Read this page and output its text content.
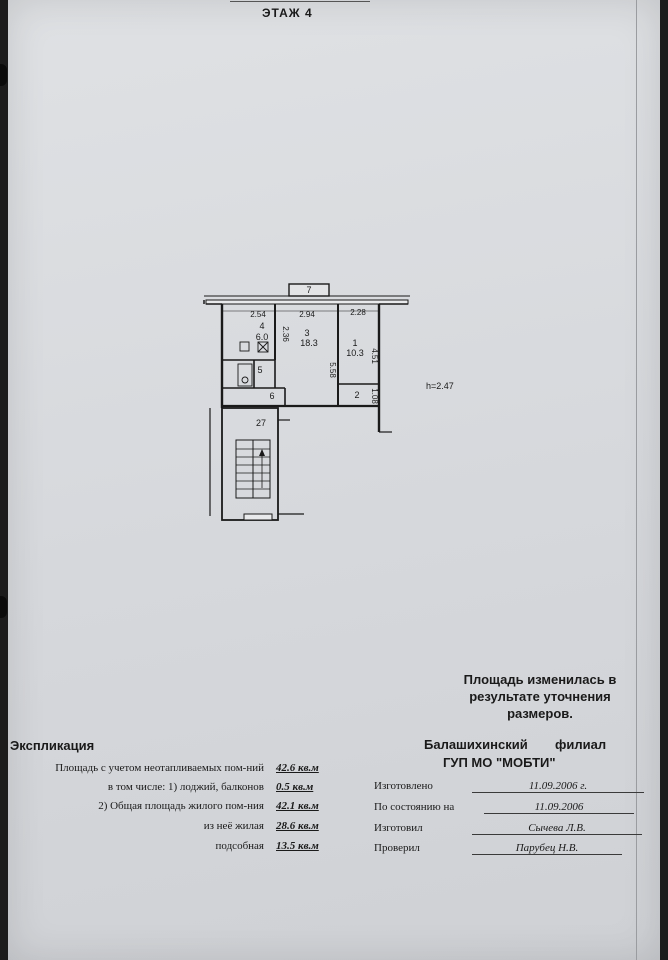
ЭТАЖ 4
4
6.0	3
18.3	1
10.3
2
5
6
7
27
2.54	2.94	2.28
2.36
5.58
4.51
1.08
h=2.47
Площадь изменилась в
результате уточнения
размеров.
Экспликация
Площадь с учетом неотапливаемых пом-ний 42.6 кв.м
в том числе: 1) лоджий, балконов 0.5 кв.м
2) Общая площадь жилого пом-ния 42.1 кв.м
из неё жилая 28.6 кв.м
подсобная 13.5 кв.м
Балашихинский филиал
ГУП МО "МОБТИ"
Изготовлено	11.09.2006 г.
По состоянию на	11.09.2006
Изготовил	Сычева Л.В.
Проверил	Парубец Н.В.
